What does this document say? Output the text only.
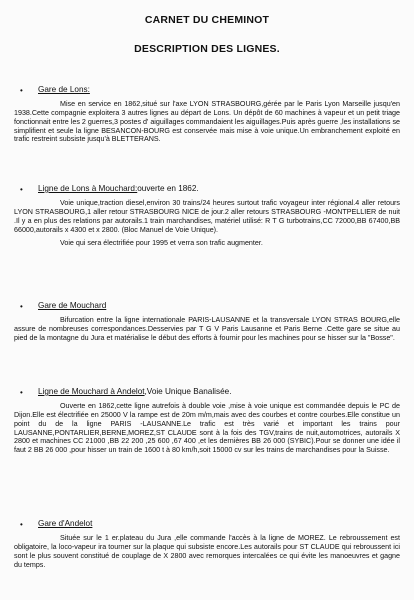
CARNET DU CHEMINOT
DESCRIPTION DES LIGNES.
• Gare de Lons:

Mise en service en 1862,situé sur l'axe LYON STRASBOURG,gérée par le Paris Lyon Marseille jusqu'en 1938.Cette compagnie exploitera 3 autres lignes au départ de Lons. Un dépôt de 60 machines à vapeur et un petit triage fonctionnait entre les 2 guerres,3 postes d' aiguillages commandaient les aiguillages.Puis après guerre ,les installations se simplifient et seule la ligne BESANCON-BOURG est conservée mais mise à voie unique.Un embranchement exploité en trafic restreint subsiste jusqu'à BLETTERANS.

• Ligne de Lons à Mouchard:ouverte en 1862.

Voie unique,traction diesel,environ 30 trains/24 heures surtout trafic voyageur inter régional.4 aller retours LYON STRASBOURG,1 aller retour STRASBOURG NICE de jour.2 aller retours STRASBOURG -MONTPELLIER de nuit .Il y a en plus des relations par autorails.1 train marchandises, matériel utilisé: R T G turbotrains,CC 72000,BB 67400,BB 66000,autorails x 4300 et x 2800. (Bloc Manuel de Voie Unique).

Voie qui sera électrifiée pour 1995 et verra son trafic augmenter.

• Gare de Mouchard

Bifurcation entre la ligne internationale PARIS-LAUSANNE et la transversale LYON STRAS BOURG,elle assure de nombreuses correspondances.Desservies par T G V Paris Lausanne et Paris Berne .Cette gare se situe au pied de la montagne du Jura et matérialise le début des efforts à fournir pour les machines pour se hisser sur la "Bosse".

• Ligne de Mouchard à Andelot,Voie Unique Banalisée.

Ouverte en 1862,cette ligne autrefois à double voie ,mise à voie unique est commandée depuis le PC de Dijon.Elle est électrifiée en 25000 V la rampe est de 20m m/m,mais avec des courbes et contre courbes.Elle constitue un point du de la ligne PARIS -LAUSANNE.Le trafic est très varié et important les trains pour LAUSANNE,PONTARLIER,BERNE,MOREZ,ST CLAUDE sont à la fois des TGV,trains de nuit,automotrices, autorails X 2800 et machines CC 21000 ,BB 22 200 ,25 600 ,67 400 ,et les dernières BB 26 000 (SYBIC).Pour se donner une idée il faut 2 BB 26 000 ,pour hisser un train de 1600 t à 80 km/h,soit 15000 cv sur les trains de marchandises pour la Suisse.

• Gare d'Andelot

Située sur le 1 er.plateau du Jura ,elle commande l'accès à la ligne de MOREZ. Le rebroussement est obligatoire, la loco-vapeur ira tourner sur la plaque qui subsiste encore.Les autorails pour ST CLAUDE qui rebroussent ici sont le plus souvent constitué de couplage de X 2800 avec remorques intercalées ce qui évite les manoeuvres et gagne du temps.
